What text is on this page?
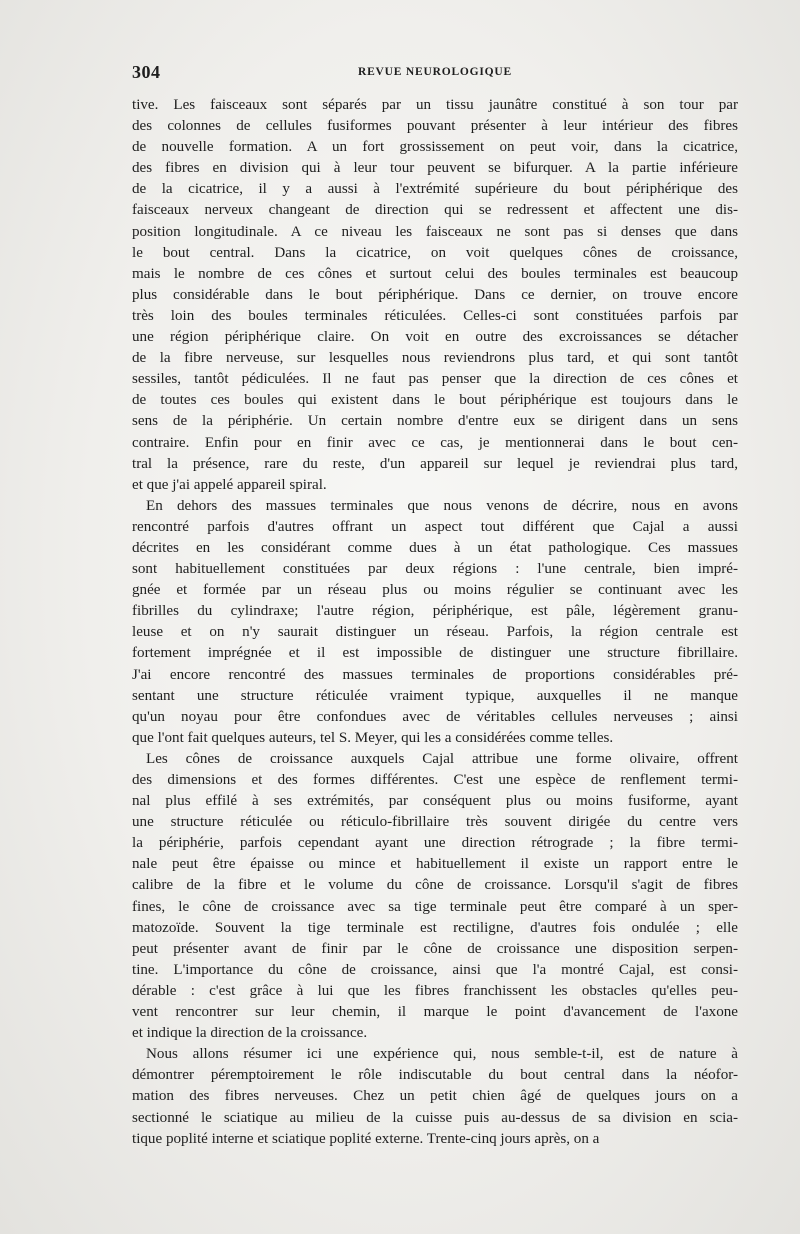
304	REVUE NEUROLOGIQUE

tive. Les faisceaux sont séparés par un tissu jaunâtre constitué à son tour par
des colonnes de cellules fusiformes pouvant présenter à leur intérieur des fibres
de nouvelle formation. A un fort grossissement on peut voir, dans la cicatrice,
des fibres en division qui à leur tour peuvent se bifurquer. A la partie inférieure
de la cicatrice, il y a aussi à l'extrémité supérieure du bout périphérique des
faisceaux nerveux changeant de direction qui se redressent et affectent une dis-
position longitudinale. A ce niveau les faisceaux ne sont pas si denses que dans
le bout central. Dans la cicatrice, on voit quelques cônes de croissance,
mais le nombre de ces cônes et surtout celui des boules terminales est beaucoup
plus considérable dans le bout périphérique. Dans ce dernier, on trouve encore
très loin des boules terminales réticulées. Celles-ci sont constituées parfois par
une région périphérique claire. On voit en outre des excroissances se détacher
de la fibre nerveuse, sur lesquelles nous reviendrons plus tard, et qui sont tantôt
sessiles, tantôt pédiculées. Il ne faut pas penser que la direction de ces cônes et
de toutes ces boules qui existent dans le bout périphérique est toujours dans le
sens de la périphérie. Un certain nombre d'entre eux se dirigent dans un sens
contraire. Enfin pour en finir avec ce cas, je mentionnerai dans le bout cen-
tral la présence, rare du reste, d'un appareil sur lequel je reviendrai plus tard,
et que j'ai appelé appareil spiral.

En dehors des massues terminales que nous venons de décrire, nous en avons
rencontré parfois d'autres offrant un aspect tout différent que Cajal a aussi
décrites en les considérant comme dues à un état pathologique. Ces massues
sont habituellement constituées par deux régions : l'une centrale, bien impré-
gnée et formée par un réseau plus ou moins régulier se continuant avec les
fibrilles du cylindraxe; l'autre région, périphérique, est pâle, légèrement granu-
leuse et on n'y saurait distinguer un réseau. Parfois, la région centrale est
fortement imprégnée et il est impossible de distinguer une structure fibrillaire.
J'ai encore rencontré des massues terminales de proportions considérables pré-
sentant une structure réticulée vraiment typique, auxquelles il ne manque
qu'un noyau pour être confondues avec de véritables cellules nerveuses ; ainsi
que l'ont fait quelques auteurs, tel S. Meyer, qui les a considérées comme telles.

Les cônes de croissance auxquels Cajal attribue une forme olivaire, offrent
des dimensions et des formes différentes. C'est une espèce de renflement termi-
nal plus effilé à ses extrémités, par conséquent plus ou moins fusiforme, ayant
une structure réticulée ou réticulo-fibrillaire très souvent dirigée du centre vers
la périphérie, parfois cependant ayant une direction rétrograde ; la fibre termi-
nale peut être épaisse ou mince et habituellement il existe un rapport entre le
calibre de la fibre et le volume du cône de croissance. Lorsqu'il s'agit de fibres
fines, le cône de croissance avec sa tige terminale peut être comparé à un sper-
matozoïde. Souvent la tige terminale est rectiligne, d'autres fois ondulée ; elle
peut présenter avant de finir par le cône de croissance une disposition serpen-
tine. L'importance du cône de croissance, ainsi que l'a montré Cajal, est consi-
dérable : c'est grâce à lui que les fibres franchissent les obstacles qu'elles peu-
vent rencontrer sur leur chemin, il marque le point d'avancement de l'axone
et indique la direction de la croissance.

Nous allons résumer ici une expérience qui, nous semble-t-il, est de nature à
démontrer péremptoirement le rôle indiscutable du bout central dans la néofor-
mation des fibres nerveuses. Chez un petit chien âgé de quelques jours on a
sectionné le sciatique au milieu de la cuisse puis au-dessus de sa division en scia-
tique poplité interne et sciatique poplité externe. Trente-cinq jours après, on a
